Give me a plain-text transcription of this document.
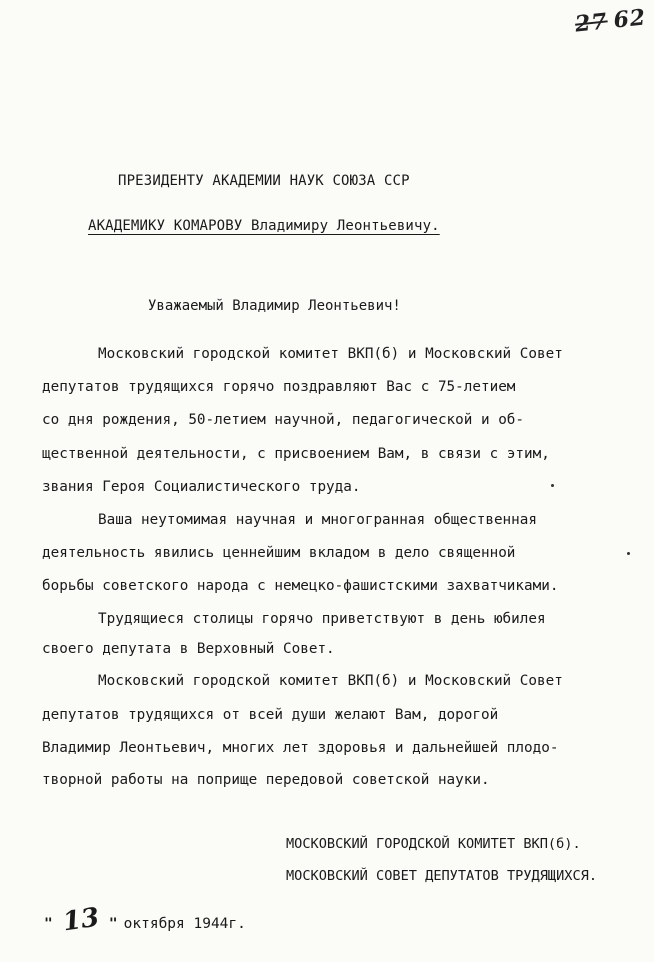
27 62
ПРЕЗИДЕНТУ АКАДЕМИИ НАУК СОЮЗА ССР
АКАДЕМИКУ КОМАРОВУ Владимиру Леонтьевичу.
Уважаемый Владимир Леонтьевич!
Московский городской комитет ВКП(б) и Московский Совет
депутатов трудящихся горячо поздравляют Вас с 75-летием
со дня рождения, 50-летием научной, педагогической и об-
щественной деятельности, с присвоением Вам, в связи с этим,
звания Героя Социалистического труда.
Ваша неутомимая научная и многогранная общественная
деятельность явились ценнейшим вкладом в дело священной
борьбы советского народа с немецко-фашистскими захватчиками.
Трудящиеся столицы горячо приветствуют в день юбилея
своего депутата в Верховный Совет.
Московский городской комитет ВКП(б) и Московский Совет
депутатов трудящихся от всей души желают Вам, дорогой
Владимир Леонтьевич, многих лет здоровья и дальнейшей плодо-
творной работы на поприще передовой советской науки.
МОСКОВСКИЙ ГОРОДСКОЙ КОМИТЕТ ВКП(б).
МОСКОВСКИЙ СОВЕТ ДЕПУТАТОВ ТРУДЯЩИХСЯ.
" 13 " октября 1944г.
